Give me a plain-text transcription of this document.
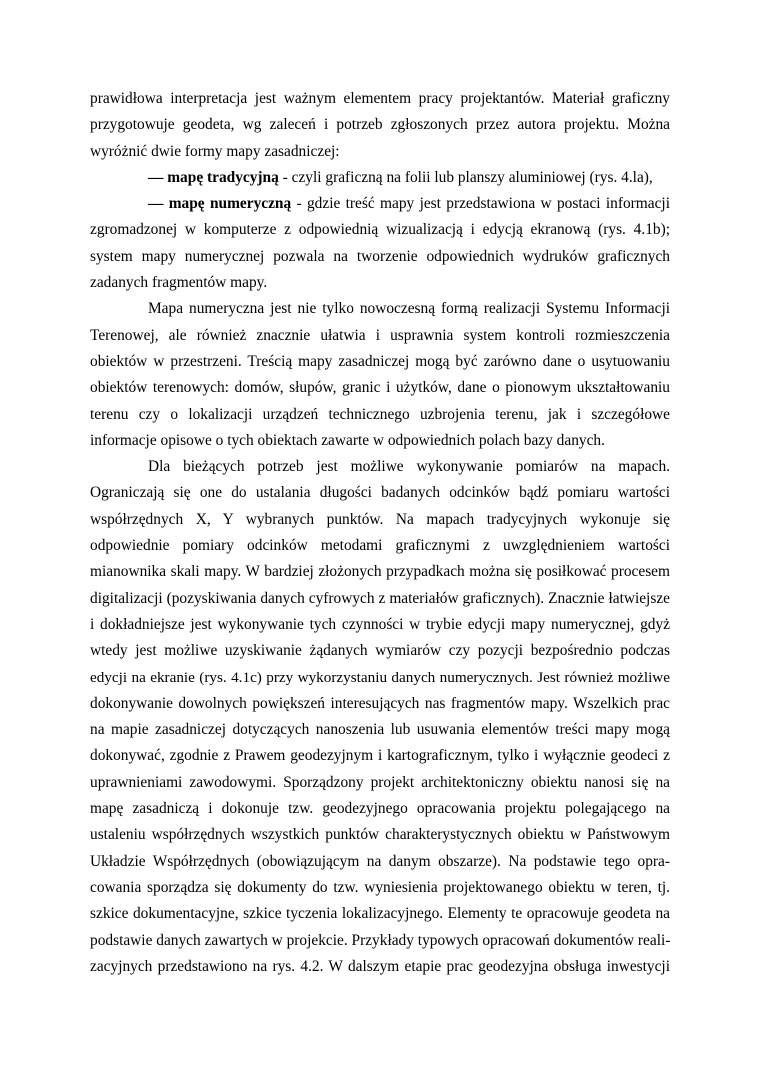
prawidłowa interpretacja jest ważnym elementem pracy projektantów. Materiał graficzny
przygotowuje geodeta, wg zaleceń i potrzeb zgłoszonych przez autora projektu. Można
wyróżnić dwie formy mapy zasadniczej:
— mapę tradycyjną - czyli graficzną na folii lub planszy aluminiowej (rys. 4.la),
— mapę numeryczną - gdzie treść mapy jest przedstawiona w postaci informacji
zgromadzonej w komputerze z odpowiednią wizualizacją i edycją ekranową (rys. 4.1b);
system mapy numerycznej pozwala na tworzenie odpowiednich wydruków graficznych
zadanych fragmentów mapy.
Mapa numeryczna jest nie tylko nowoczesną formą realizacji Systemu Informacji
Terenowej, ale również znacznie ułatwia i usprawnia system kontroli rozmieszczenia
obiektów w przestrzeni. Treścią mapy zasadniczej mogą być zarówno dane o usytuowaniu
obiektów terenowych: domów, słupów, granic i użytków, dane o pionowym ukształtowaniu
terenu czy o lokalizacji urządzeń technicznego uzbrojenia terenu, jak i szczegółowe
informacje opisowe o tych obiektach zawarte w odpowiednich polach bazy danych.
Dla bieżących potrzeb jest możliwe wykonywanie pomiarów na mapach.
Ograniczają się one do ustalania długości badanych odcinków bądź pomiaru wartości
współrzędnych X, Y wybranych punktów. Na mapach tradycyjnych wykonuje się
odpowiednie pomiary odcinków metodami graficznymi z uwzględnieniem wartości
mianownika skali mapy. W bardziej złożonych przypadkach można się posiłkować procesem
digitalizacji (pozyskiwania danych cyfrowych z materiałów graficznych). Znacznie łatwiejsze
i dokładniejsze jest wykonywanie tych czynności w trybie edycji mapy numerycznej, gdyż
wtedy jest możliwe uzyskiwanie żądanych wymiarów czy pozycji bezpośrednio podczas
edycji na ekranie (rys. 4.1c) przy wykorzystaniu danych numerycznych. Jest również możliwe
dokonywanie dowolnych powiększeń interesujących nas fragmentów mapy. Wszelkich prac
na mapie zasadniczej dotyczących nanoszenia lub usuwania elementów treści mapy mogą
dokonywać, zgodnie z Prawem geodezyjnym i kartograficznym, tylko i wyłącznie geodeci z
uprawnieniami zawodowymi. Sporządzony projekt architektoniczny obiektu nanosi się na
mapę zasadniczą i dokonuje tzw. geodezyjnego opracowania projektu polegającego na
ustaleniu współrzędnych wszystkich punktów charakterystycznych obiektu w Państwowym
Układzie Współrzędnych (obowiązującym na danym obszarze). Na podstawie tego opra-
cowania sporządza się dokumenty do tzw. wyniesienia projektowanego obiektu w teren, tj.
szkice dokumentacyjne, szkice tyczenia lokalizacyjnego. Elementy te opracowuje geodeta na
podstawie danych zawartych w projekcie. Przykłady typowych opracowań dokumentów reali-
zacyjnych przedstawiono na rys. 4.2. W dalszym etapie prac geodezyjna obsługa inwestycji
